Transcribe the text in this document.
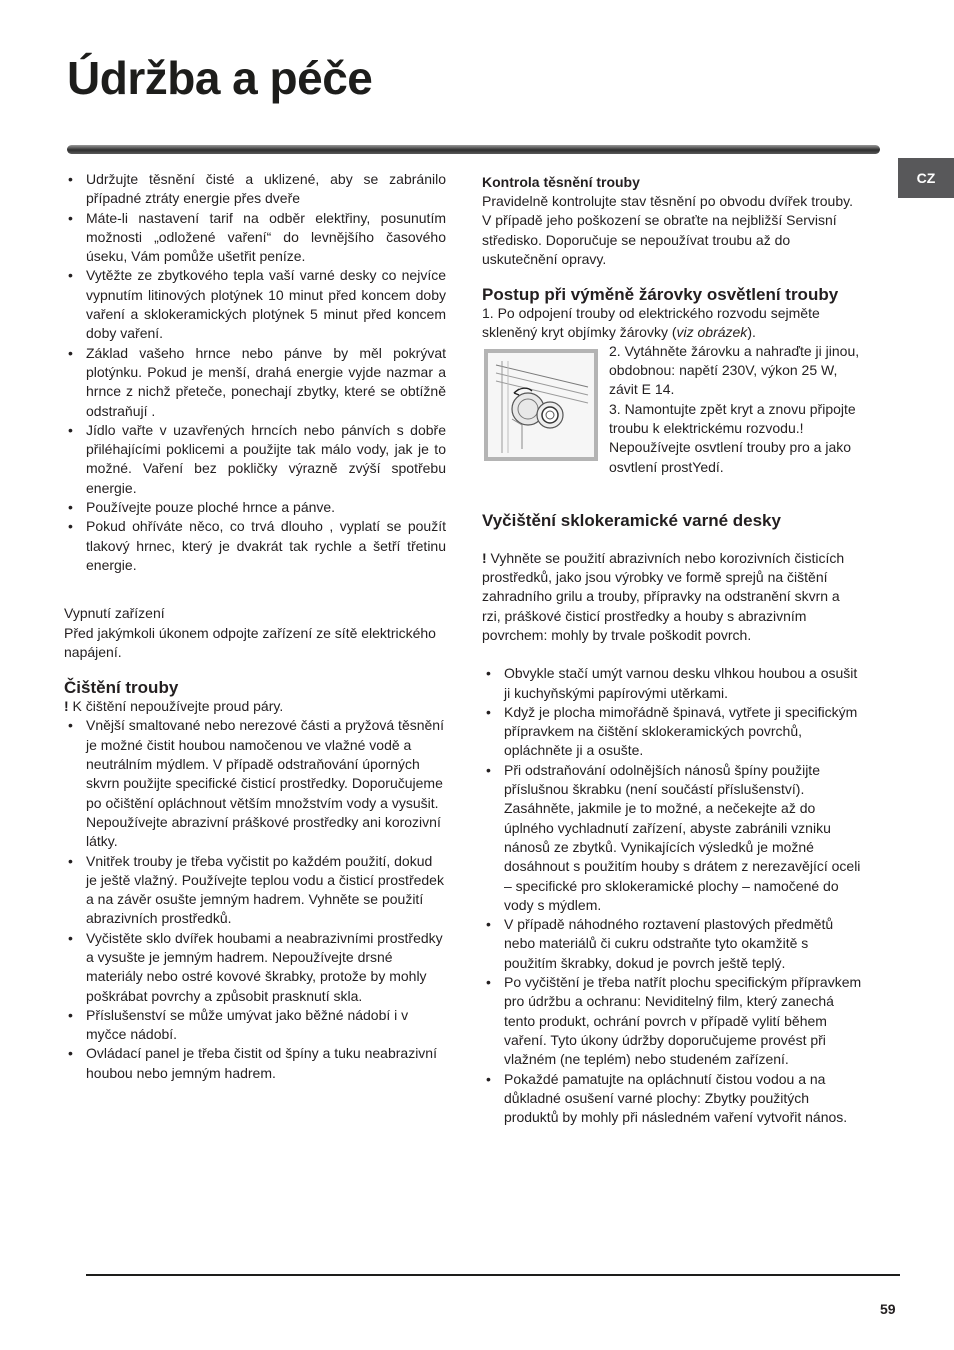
Údržba a péče
CZ
• Udržujte těsnění čisté a uklizené, aby se zabránilo případné ztráty energie přes dveře
• Máte-li nastavení tarif na odběr elektřiny, posunutím možnosti „odložené vaření“ do levnějšího časového úseku, Vám pomůže ušetřit peníze.
• Vytěžte ze zbytkového tepla vaší varné desky co nejvíce vypnutím litinových plotýnek 10 minut před koncem doby vaření a sklokeramických plotýnek 5 minut před koncem doby vaření.
• Základ vašeho hrnce nebo pánve by měl pokrývat plotýnku. Pokud je menší, drahá energie vyjde nazmar a hrnce z nichž přeteče, ponechají zbytky, které se obtížně odstraňují .
• Jídlo vařte v uzavřených hrncích nebo pánvích s dobře přiléhajícími poklicemi a použijte tak málo vody, jak je to možné. Vaření bez pokličky výrazně zvýší spotřebu energie.
• Používejte pouze ploché hrnce a pánve.
• Pokud ohříváte něco, co trvá dlouho , vyplatí se použít tlakový hrnec, který je dvakrát tak rychle a šetří třetinu energie.

Vypnutí zařízení

Před jakýmkoli úkonem odpojte zařízení ze sítě elektrického napájení.

Čištění trouby

! K čištění nepoužívejte proud páry.

• Vnější smaltované nebo nerezové části a pryžová těsnění je možné čistit houbou namočenou ve vlažné vodě a neutrálním mýdlem. V případě odstraňování úporných skvrn použijte specifické čisticí prostředky. Doporučujeme po očištění opláchnout větším množstvím vody a vysušit. Nepoužívejte abrazivní práškové prostředky ani korozivní látky.
• Vnitřek trouby je třeba vyčistit po každém použití, dokud je ještě vlažný. Používejte teplou vodu a čisticí prostředek a na závěr osušte jemným hadrem. Vyhněte se použití abrazivních prostředků.
• Vyčistěte sklo dvířek houbami a neabrazivními prostředky a vysušte je jemným hadrem. Nepoužívejte drsné materiály nebo ostré kovové škrabky, protože by mohly poškrábat povrchy a způsobit prasknutí skla.
• Příslušenství se může umývat jako běžné nádobí i v myčce nádobí.
• Ovládací panel je třeba čistit od špíny a tuku neabrazivní houbou nebo jemným hadrem.
Kontrola těsnění trouby

Pravidelně kontrolujte stav těsnění po obvodu dvířek trouby. V případě jeho poškození se obraťte na nejbližší Servisní středisko. Doporučuje se nepoužívat troubu až do uskutečnění opravy.

Postup při výměně žárovky osvětlení trouby

1. Po odpojení trouby od elektrického rozvodu sejměte skleněný kryt objímky žárovky (viz obrázek).

2. Vytáhněte žárovku a nahraďte ji jinou, obdobnou: napětí 230V, výkon 25 W, závit E 14.

3. Namontujte zpět kryt a znovu připojte troubu k elektrickému rozvodu.! Nepoužívejte osvtlení trouby pro a jako osvtlení prostYedí.

Vyčištění sklokeramické varné desky

! Vyhněte se použití abrazivních nebo korozivních čisticích prostředků, jako jsou výrobky ve formě sprejů na čištění zahradního grilu a trouby, přípravky na odstranění skvrn a rzi, práškové čisticí prostředky a houby s abrazivním povrchem: mohly by trvale poškodit povrch.

• Obvykle stačí umýt varnou desku vlhkou houbou a osušit ji kuchyňskými papírovými utěrkami.
• Když je plocha mimořádně špinavá, vytřete ji specifickým přípravkem na čištění sklokeramických povrchů, opláchněte ji a osušte.
• Při odstraňování odolnějších nánosů špíny použijte příslušnou škrabku (není součástí příslušenství). Zasáhněte, jakmile je to možné, a nečekejte až do úplného vychladnutí zařízení, abyste zabránili vzniku nánosů ze zbytků. Vynikajících výsledků je možné dosáhnout s použitím houby s drátem z nerezavějící oceli – specifické pro sklokeramické plochy – namočené do vody s mýdlem.
• V případě náhodného roztavení plastových předmětů nebo materiálů či cukru odstraňte tyto okamžitě s použitím škrabky, dokud je povrch ještě teplý.
• Po vyčištění je třeba natřít plochu specifickým přípravkem pro údržbu a ochranu: Neviditelný film, který zanechá tento produkt, ochrání povrch v případě vylití během vaření. Tyto úkony údržby doporučujeme provést při vlažném (ne teplém) nebo studeném zařízení.
• Pokaždé pamatujte na opláchnutí čistou vodou a na důkladné osušení varné plochy: Zbytky použitých produktů by mohly při následném vaření vytvořit nános.
59
